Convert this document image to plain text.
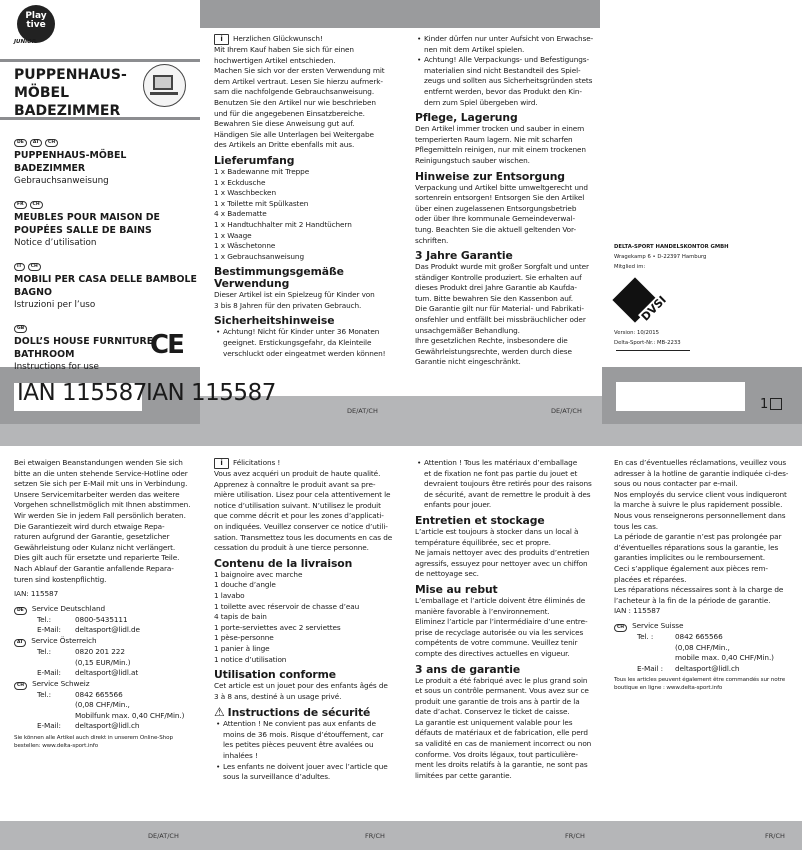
Play
tive
JUNIOR
PUPPENHAUS-
MÖBEL
BADEZIMMER
DE AT CH
PUPPENHAUS-MÖBEL
BADEZIMMER
Gebrauchsanweisung
FR CH
MEUBLES POUR MAISON DE
POUPÉES SALLE DE BAINS
Notice d’utilisation
IT CH
MOBILI PER CASA DELLE BAMBOLE
BAGNO
Istruzioni per l’uso
GB
DOLL’S HOUSE FURNITURE
BATHROOM
Instructions for use
CE
IAN 115587 IAN 115587	1
DELTA-SPORT HANDELSKONTOR GMBH
Wragekamp 6 • D-22397 Hamburg
Mitglied im:
DVSI
Version: 10/2015
Delta-Sport-Nr.: MB-2233
DE/AT/CH	DE/AT/CH
DE/AT/CH	FR/CH	FR/CH	FR/CH

i Herzlichen Glückwunsch!
Mit Ihrem Kauf haben Sie sich für einen
hochwertigen Artikel entschieden.
Machen Sie sich vor der ersten Verwendung mit
dem Artikel vertraut. Lesen Sie hierzu aufmerk-
sam die nachfolgende Gebrauchsanweisung.
Benutzen Sie den Artikel nur wie beschrieben
und für die angegebenen Einsatzbereiche.
Bewahren Sie diese Anweisung gut auf.
Händigen Sie alle Unterlagen bei Weitergabe
des Artikels an Dritte ebenfalls mit aus.

Lieferumfang

1 x Badewanne mit Treppe
1 x Eckdusche
1 x Waschbecken
1 x Toilette mit Spülkasten
4 x Badematte
1 x Handtuchhalter mit 2 Handtüchern
1 x Waage
1 x Wäschetonne
1 x Gebrauchsanweisung

Bestimmungsgemäße
Verwendung

Dieser Artikel ist ein Spielzeug für Kinder von
3 bis 8 Jahren für den privaten Gebrauch.

Sicherheitshinweise
• Achtung! Nicht für Kinder unter 36 Monaten
geeignet. Erstickungsgefahr, da Kleinteile
verschluckt oder eingeatmet werden können!
• Kinder dürfen nur unter Aufsicht von Erwachse-
nen mit dem Artikel spielen.
• Achtung! Alle Verpackungs- und Befestigungs-
materialien sind nicht Bestandteil des Spiel-
zeugs und sollten aus Sicherheitsgründen stets
entfernt werden, bevor das Produkt den Kin-
dern zum Spiel übergeben wird.
Pflege, Lagerung

Den Artikel immer trocken und sauber in einem
temperierten Raum lagern. Nie mit scharfen
Pflegemitteln reinigen, nur mit einem trockenen
Reinigungstuch sauber wischen.

Hinweise zur Entsorgung

Verpackung und Artikel bitte umweltgerecht und
sortenrein entsorgen! Entsorgen Sie den Artikel
über einen zugelassenen Entsorgungsbetrieb
oder über Ihre kommunale Gemeindeverwal-
tung. Beachten Sie die aktuell geltenden Vor-
schriften.

3 Jahre Garantie

Das Produkt wurde mit großer Sorgfalt und unter
ständiger Kontrolle produziert. Sie erhalten auf
dieses Produkt drei Jahre Garantie ab Kaufda-
tum. Bitte bewahren Sie den Kassenbon auf.
Die Garantie gilt nur für Material- und Fabrikati-
onsfehler und entfällt bei missbräuchlicher oder
unsachgemäßer Behandlung.
Ihre gesetzlichen Rechte, insbesondere die
Gewährleistungsrechte, werden durch diese
Garantie nicht eingeschränkt.

Bei etwaigen Beanstandungen wenden Sie sich
bitte an die unten stehende Service-Hotline oder
setzen Sie sich per E-Mail mit uns in Verbindung.
Unsere Servicemitarbeiter werden das weitere
Vorgehen schnellstmöglich mit Ihnen abstimmen.
Wir werden Sie in jedem Fall persönlich beraten.
Die Garantiezeit wird durch etwaige Repa-
raturen aufgrund der Garantie, gesetzlicher
Gewährleistung oder Kulanz nicht verlängert.
Dies gilt auch für ersetzte und reparierte Teile.
Nach Ablauf der Garantie anfallende Repara-
turen sind kostenpflichtig.

IAN: 115587

DE Service Deutschland
Tel.:	0800-5435111
E-Mail:	deltasport@lidl.de
AT Service Österreich
Tel.:	0820 201 222
(0,15 EUR/Min.)
E-Mail:	deltasport@lidl.at
CH Service Schweiz
Tel.:	0842 665566
(0,08 CHF/Min.,
Mobilfunk max. 0,40 CHF/Min.)
E-Mail:	deltasport@lidl.ch

Sie können alle Artikel auch direkt in unserem Online-Shop
bestellen: www.delta-sport.info

i Félicitations !
Vous avez acquéri un produit de haute qualité.
Apprenez à connaître le produit avant sa pre-
mière utilisation. Lisez pour cela attentivement le
notice d’utilisation suivant. N’utilisez le produit
que comme décrit et pour les zones d’applicati-
on indiquées. Veuillez conserver ce notice d’utili-
sation. Transmettez tous les documents en cas de
cessation du produit à une tierce personne.

Contenu de la livraison

1 baignoire avec marche
1 douche d’angle
1 lavabo
1 toilette avec réservoir de chasse d’eau
4 tapis de bain
1 porte-serviettes avec 2 serviettes
1 pèse-personne
1 panier à linge
1 notice d’utilisation

Utilisation conforme

Cet article est un jouet pour des enfants âgés de
3 à 8 ans, destiné à un usage privé.

⚠ Instructions de sécurité
• Attention ! Ne convient pas aux enfants de
moins de 36 mois. Risque d’étouffement, car
les petites pièces peuvent être avalées ou
inhalées !
• Les enfants ne doivent jouer avec l’article que
sous la surveillance d’adultes.
• Attention ! Tous les matériaux d’emballage
et de fixation ne font pas partie du jouet et
devraient toujours être retirés pour des raisons
de sécurité, avant de remettre le produit à des
enfants pour jouer.
Entretien et stockage

L’article est toujours à stocker dans un local à
température équilibrée, sec et propre.
Ne jamais nettoyer avec des produits d’entretien
agressifs, essuyez pour nettoyer avec un chiffon
de nettoyage sec.

Mise au rebut

L’emballage et l’article doivent être éliminés de
manière favorable à l’environnement.
Eliminez l’article par l’intermédiaire d’une entre-
prise de recyclage autorisée ou via les services
compétents de votre commune. Veuillez tenir
compte des directives actuelles en vigueur.

3 ans de garantie

Le produit a été fabriqué avec le plus grand soin
et sous un contrôle permanent. Vous avez sur ce
produit une garantie de trois ans à partir de la
date d’achat. Conservez le ticket de caisse.
La garantie est uniquement valable pour les
défauts de matériaux et de fabrication, elle perd
sa validité en cas de maniement incorrect ou non
conforme. Vos droits légaux, tout particulière-
ment les droits relatifs à la garantie, ne sont pas
limitées par cette garantie.

En cas d’éventuelles réclamations, veuillez vous
adresser à la hotline de garantie indiquée ci-des-
sous ou nous contacter par e-mail.
Nos employés du service client vous indiqueront
la marche à suivre le plus rapidement possible.
Nous vous renseignerons personnellement dans
tous les cas.
La période de garantie n’est pas prolongée par
d’éventuelles réparations sous la garantie, les
garanties implicites ou le remboursement.
Ceci s’applique également aux pièces rem-
placées et réparées.
Les réparations nécessaires sont à la charge de
l’acheteur à la fin de la période de garantie.

IAN : 115587

CH Service Suisse
Tel. :	0842 665566
(0,08 CHF/Min.,
mobile max. 0,40 CHF/Min.)
E-Mail :	deltasport@lidl.ch

Tous les articles peuvent également être commandés sur notre
boutique en ligne : www.delta-sport.info
